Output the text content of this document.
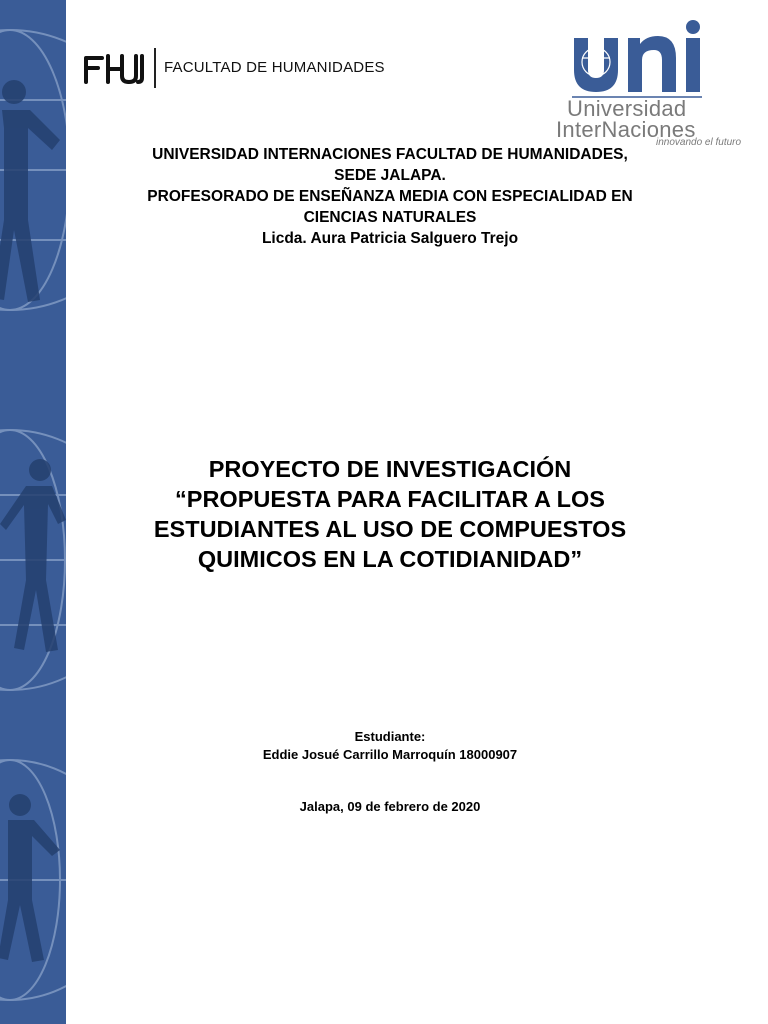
FACULTAD DE HUMANIDADES
Universidad
InterNaciones
innovando el futuro
UNIVERSIDAD INTERNACIONES FACULTAD DE HUMANIDADES,
SEDE JALAPA.
PROFESORADO DE ENSEÑANZA MEDIA CON ESPECIALIDAD EN
CIENCIAS NATURALES
Licda. Aura Patricia Salguero Trejo
PROYECTO DE INVESTIGACIÓN
“PROPUESTA PARA FACILITAR A LOS
ESTUDIANTES AL USO DE COMPUESTOS
QUIMICOS EN LA COTIDIANIDAD”
Estudiante:
Eddie Josué Carrillo Marroquín 18000907
Jalapa, 09 de febrero de 2020
